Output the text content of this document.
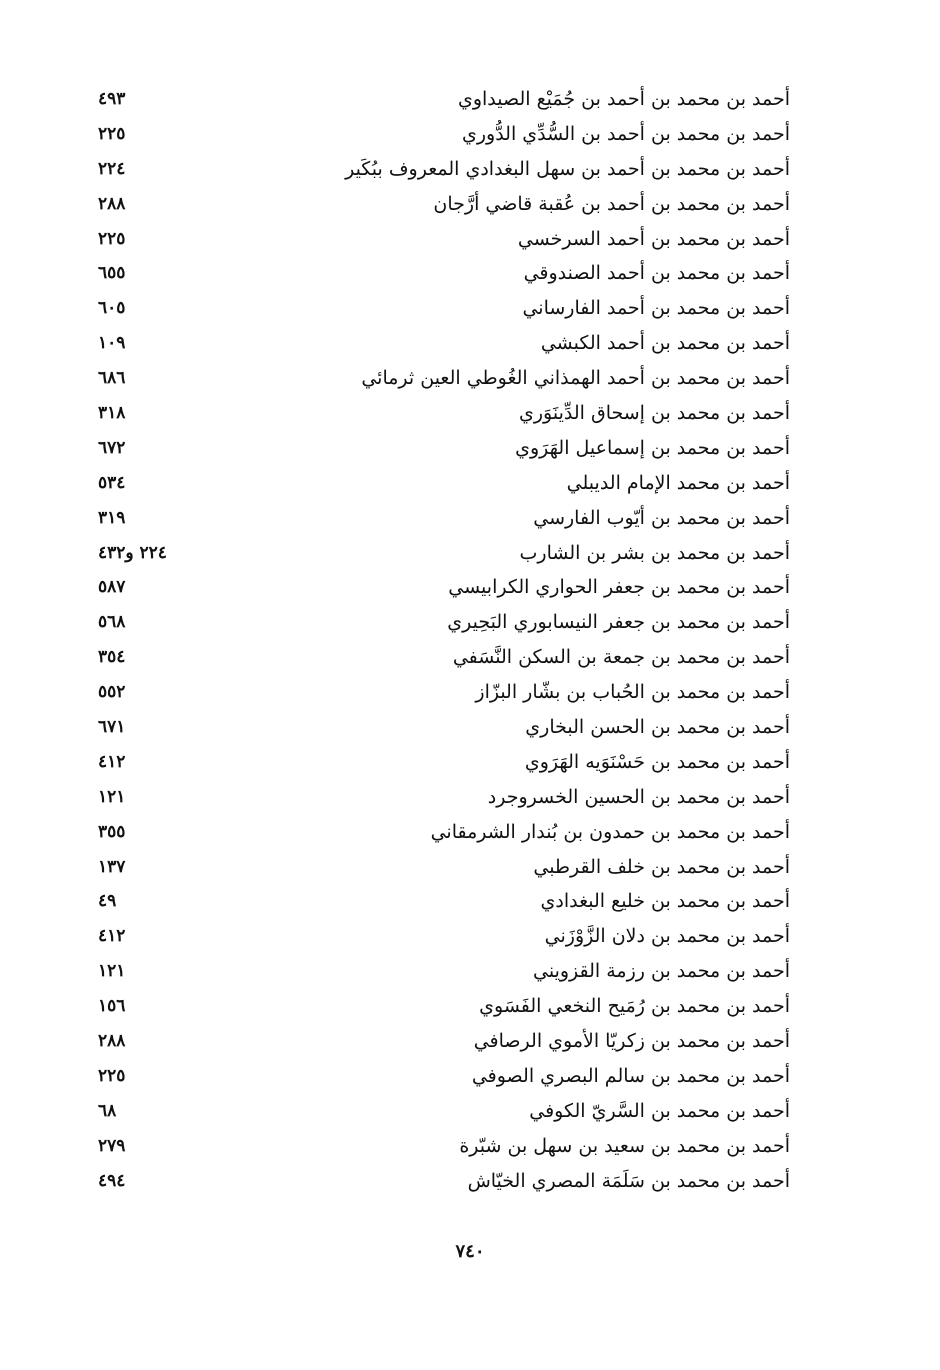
أحمد بن محمد بن أحمد بن جُمَيْع الصيداوي
٤٩٣
أحمد بن محمد بن أحمد بن السُّدِّي الدُّوري
٢٢٥
أحمد بن محمد بن أحمد بن سهل البغدادي المعروف ببُكَير
٢٢٤
أحمد بن محمد بن أحمد بن عُقبة قاضي أرَّجان
٢٨٨
أحمد بن محمد بن أحمد السرخسي
٢٢٥
أحمد بن محمد بن أحمد الصندوقي
٦٥٥
أحمد بن محمد بن أحمد الفارساني
٦٠٥
أحمد بن محمد بن أحمد الكبشي
١٠٩
أحمد بن محمد بن أحمد الهمذاني الغُوطي العين ثرمائي
٦٨٦
أحمد بن محمد بن إسحاق الدِّينَوَري
٣١٨
أحمد بن محمد بن إسماعيل الهَرَوي
٦٧٢
أحمد بن محمد الإمام الديبلي
٥٣٤
أحمد بن محمد بن أيّوب الفارسي
٣١٩
أحمد بن محمد بن بشر بن الشارب
٢٢٤ و٤٣٢
أحمد بن محمد بن جعفر الحواري الكرابيسي
٥٨٧
أحمد بن محمد بن جعفر النيسابوري البَحِيري
٥٦٨
أحمد بن محمد بن جمعة بن السكن النَّسَفي
٣٥٤
أحمد بن محمد بن الحُباب بن بشّار البزّاز
٥٥٢
أحمد بن محمد بن الحسن البخاري
٦٧١
أحمد بن محمد بن حَسْنَوَيه الهَرَوي
٤١٢
أحمد بن محمد بن الحسين الخسروجرد
١٢١
أحمد بن محمد بن حمدون بن بُندار الشرمقاني
٣٥٥
أحمد بن محمد بن خلف القرطبي
١٣٧
أحمد بن محمد بن خليع البغدادي
٤٩
أحمد بن محمد بن دلان الزَّوْزَني
٤١٢
أحمد بن محمد بن رزمة القزويني
١٢١
أحمد بن محمد بن رُمَيح النخعي الفَسَوي
١٥٦
أحمد بن محمد بن زكريّا الأموي الرصافي
٢٨٨
أحمد بن محمد بن سالم البصري الصوفي
٢٢٥
أحمد بن محمد بن السَّريّ الكوفي
٦٨
أحمد بن محمد بن سعيد بن سهل بن شبّرة
٢٧٩
أحمد بن محمد بن سَلَمَة المصري الخيّاش
٤٩٤
٧٤٠
